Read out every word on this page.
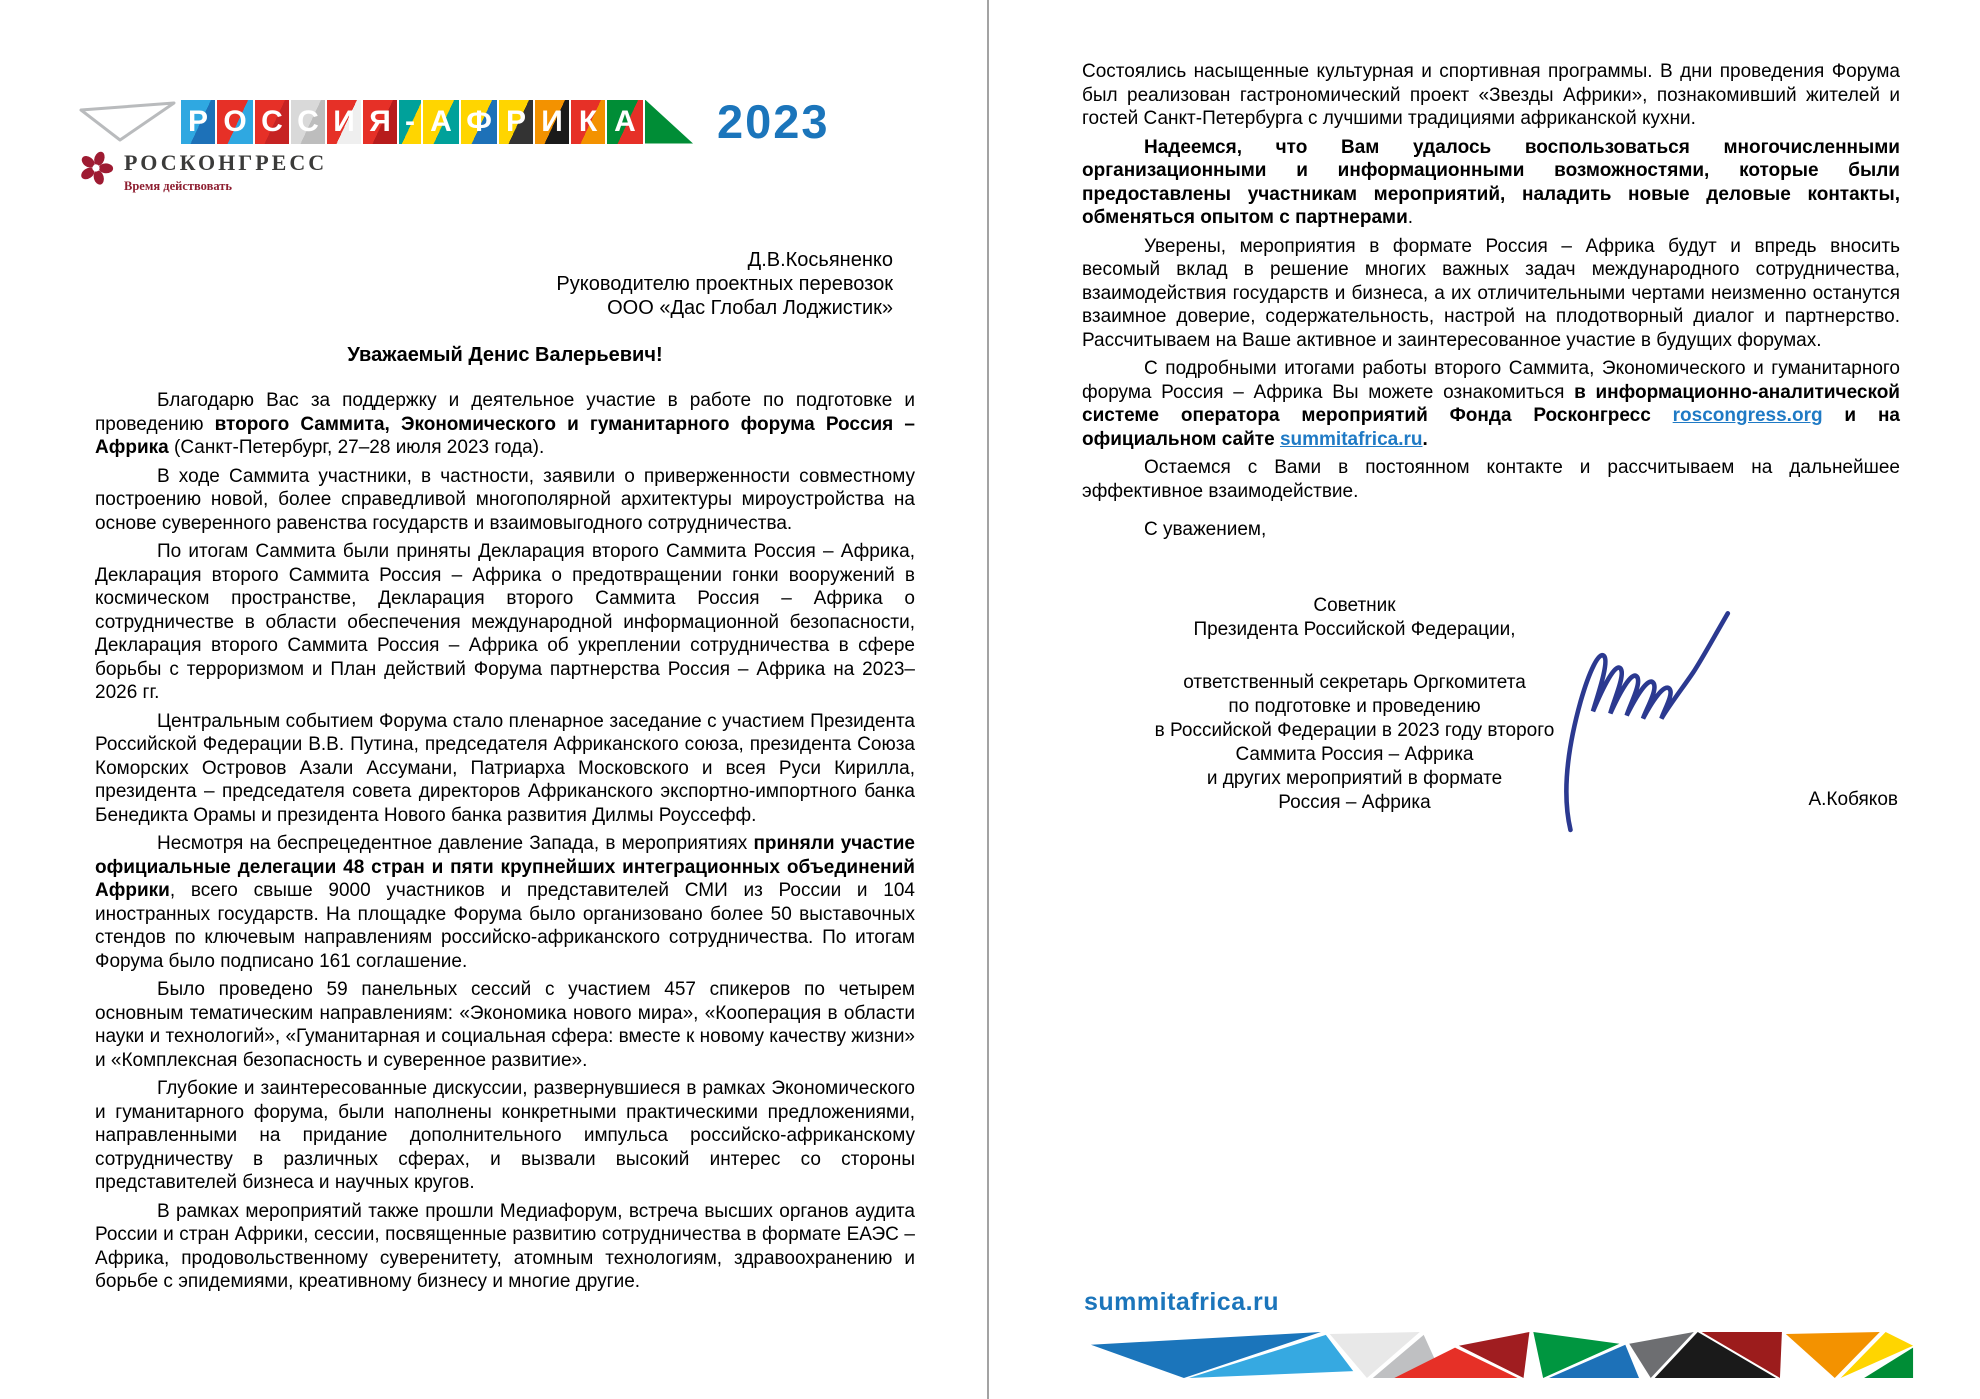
Р О С С И Я - А Ф Р И К А 2023
РОСКОНГРЕСС
Время действовать
Д.В.Косьяненко
Руководителю проектных перевозок
ООО «Дас Глобал Лоджистик»
Уважаемый Денис Валерьевич!
Благодарю Вас за поддержку и деятельное участие в работе по подготовке и проведению второго Саммита, Экономического и гуманитарного форума Россия – Африка (Санкт-Петербург, 27–28 июля 2023 года).
В ходе Саммита участники, в частности, заявили о приверженности совместному построению новой, более справедливой многополярной архитектуры мироустройства на основе суверенного равенства государств и взаимовыгодного сотрудничества.
По итогам Саммита были приняты Декларация второго Саммита Россия – Африка, Декларация второго Саммита Россия – Африка о предотвращении гонки вооружений в космическом пространстве, Декларация второго Саммита Россия – Африка о сотрудничестве в области обеспечения международной информационной безопасности, Декларация второго Саммита Россия – Африка об укреплении сотрудничества в сфере борьбы с терроризмом и План действий Форума партнерства Россия – Африка на 2023–2026 гг.
Центральным событием Форума стало пленарное заседание с участием Президента Российской Федерации В.В. Путина, председателя Африканского союза, президента Союза Коморских Островов Азали Ассумани, Патриарха Московского и всея Руси Кирилла, президента – председателя совета директоров Африканского экспортно-импортного банка Бенедикта Орамы и президента Нового банка развития Дилмы Роуссефф.
Несмотря на беспрецедентное давление Запада, в мероприятиях приняли участие официальные делегации 48 стран и пяти крупнейших интеграционных объединений Африки, всего свыше 9000 участников и представителей СМИ из России и 104 иностранных государств. На площадке Форума было организовано более 50 выставочных стендов по ключевым направлениям российско-африканского сотрудничества. По итогам Форума было подписано 161 соглашение.
Было проведено 59 панельных сессий с участием 457 спикеров по четырем основным тематическим направлениям: «Экономика нового мира», «Кооперация в области науки и технологий», «Гуманитарная и социальная сфера: вместе к новому качеству жизни» и «Комплексная безопасность и суверенное развитие».
Глубокие и заинтересованные дискуссии, развернувшиеся в рамках Экономического и гуманитарного форума, были наполнены конкретными практическими предложениями, направленными на придание дополнительного импульса российско-африканскому сотрудничеству в различных сферах, и вызвали высокий интерес со стороны представителей бизнеса и научных кругов.
В рамках мероприятий также прошли Медиафорум, встреча высших органов аудита России и стран Африки, сессии, посвященные развитию сотрудничества в формате ЕАЭС – Африка, продовольственному суверенитету, атомным технологиям, здравоохранению и борьбе с эпидемиями, креативному бизнесу и многие другие.
Состоялись насыщенные культурная и спортивная программы. В дни проведения Форума был реализован гастрономический проект «Звезды Африки», познакомивший жителей и гостей Санкт-Петербурга с лучшими традициями африканской кухни.
Надеемся, что Вам удалось воспользоваться многочисленными организационными и информационными возможностями, которые были предоставлены участникам мероприятий, наладить новые деловые контакты, обменяться опытом с партнерами.
Уверены, мероприятия в формате Россия – Африка будут и впредь вносить весомый вклад в решение многих важных задач международного сотрудничества, взаимодействия государств и бизнеса, а их отличительными чертами неизменно останутся взаимное доверие, содержательность, настрой на плодотворный диалог и партнерство. Рассчитываем на Ваше активное и заинтересованное участие в будущих форумах.
С подробными итогами работы второго Саммита, Экономического и гуманитарного форума Россия – Африка Вы можете ознакомиться в информационно-аналитической системе оператора мероприятий Фонда Росконгресс roscongress.org и на официальном сайте summitafrica.ru.
Остаемся с Вами в постоянном контакте и рассчитываем на дальнейшее эффективное взаимодействие.
С уважением,
Советник
Президента Российской Федерации,
ответственный секретарь Оргкомитета
по подготовке и проведению
в Российской Федерации в 2023 году второго
Саммита Россия – Африка
и других мероприятий в формате
Россия – Африка	А.Кобяков
summitafrica.ru
